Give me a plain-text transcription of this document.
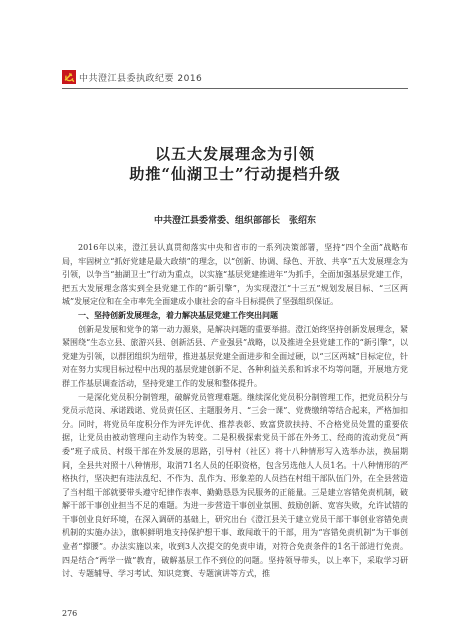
中共澄江县委执政纪要 2016
以五大发展理念为引领
助推“仙湖卫士”行动提档升级
中共澄江县委常委、组织部部长　张绍东

2016年以来，澄江县认真贯彻落实中央和省市的一系列决策部署，坚持“四个全面”战略布局，牢固树立“抓好党建是最大政绩”的理念，以“创新、协调、绿色、开放、共享”五大发展理念为引领，以争当“抽湖卫士”行动为重点，以实施“基层党建推进年”为抓手，全面加强基层党建工作，把五大发展理念落实到全县党建工作的“新引擎”，为实现澄江“十三五”规划发展目标、“三区两城”发展定位和在全市率先全面建成小康社会的奋斗目标提供了坚强组织保证。

一、坚持创新发展理念，着力解决基层党建工作突出问题

创新是发展和党争的第一动力源泉，是解决问题的重要举措。澄江始终坚持创新发展理念，紧紧围绕“生态立县、旅游兴县、创新活县、产业强县”战略，以及推进全县党建工作的“新引擎”，以党建为引领，以群团组织为纽带，推进基层党建全面进步和全面过硬，以“三区两城”目标定位，针对在努力实现目标过程中出现的基层党建创新不足、各种利益关系和诉求不均等问题，开展地方党群工作基层调查活动，坚持党建工作的发展和整体提升。

一是深化党员积分制管理，破解党员管理难题。继续深化党员积分制管理工作，把党员积分与党员示范岗、承诺践诺、党员责任区、主题服务月、“三会一课”、党费缴纳等结合起来，严格加扣分。同时，将党员年度积分作为评先评优、推荐表彰、致富贷款扶持、不合格党员处置的重要依据，让党员由被动管理向主动作为转变。二是积极探索党员干部在外务工、经商的流动党员“两委”班子成员、村级干部在外发展的思路，引导村（社区）将十八种情形写入选举办法，换届期间，全县共对照十八种情形，取消71名人员的任职资格，包含另选他人人员1名。十八种情形的严格执行，坚决把有违法乱纪、不作为、乱作为、形象差的人员挡在村组干部队伍门外，在全县营造了当村组干部就要带头遵守纪律作表率、勤勤恳恳为民服务的正能量。三是建立容错免责机制，破解干部干事创业担当不足的难题。为进一步营造干事创业氛围、鼓励创新、宽容失败，允许试错的干事创业良好环境，在深入调研的基础上，研究出台《澄江县关于建立党员干部干事创业容错免责机制的实施办法》，旗帜鲜明地支持保护想干事、敢闯敢干的干部，用为“容错免责机制”为干事创业者“撑腰”。办法实施以来，收到3人次提交的免责申请，对符合免责条件的1名干部进行免责。四是结合“两学一做”教育，破解基层工作不到位的问题。坚持领导带头，以上率下，采取学习研讨、专题辅导、学习考试、知识竞赛、专题演讲等方式，推

276
